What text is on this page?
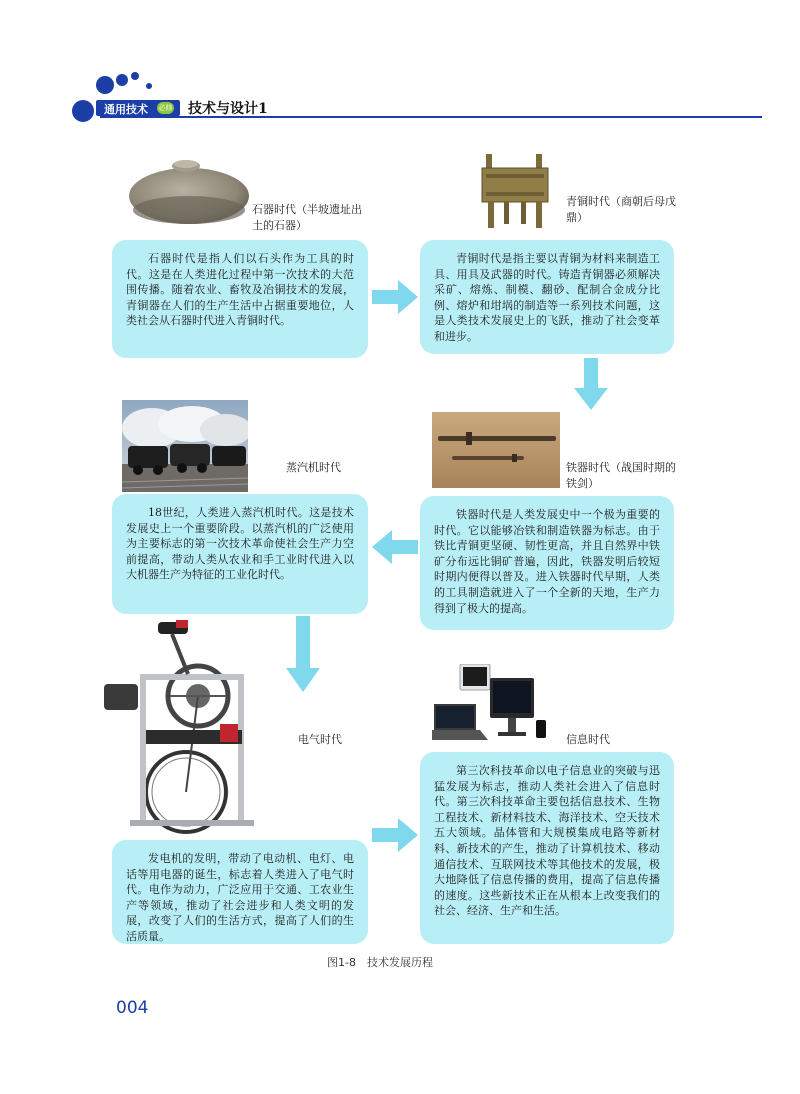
通用技术 必修 技术与设计1
石器时代（半坡遗址出土的石器）
石器时代是指人们以石头作为工具的时代。这是在人类进化过程中第一次技术的大范围传播。随着农业、畜牧及冶铜技术的发展，青铜器在人们的生产生活中占据重要地位，人类社会从石器时代进入青铜时代。
青铜时代（商朝后母戊鼎）
青铜时代是指主要以青铜为材料来制造工具、用具及武器的时代。铸造青铜器必须解决采矿、熔炼、制模、翻砂、配制合金成分比例、熔炉和坩埚的制造等一系列技术问题，这是人类技术发展史上的飞跃，推动了社会变革和进步。
蒸汽机时代
18世纪，人类进入蒸汽机时代。这是技术发展史上一个重要阶段。以蒸汽机的广泛使用为主要标志的第一次技术革命使社会生产力空前提高，带动人类从农业和手工业时代进入以大机器生产为特征的工业化时代。
铁器时代（战国时期的铁剑）
铁器时代是人类发展史中一个极为重要的时代。它以能够冶铁和制造铁器为标志。由于铁比青铜更坚硬、韧性更高，并且自然界中铁矿分布远比铜矿普遍，因此，铁器发明后较短时期内便得以普及。进入铁器时代早期，人类的工具制造就进入了一个全新的天地，生产力得到了极大的提高。
电气时代
发电机的发明，带动了电动机、电灯、电话等用电器的诞生，标志着人类进入了电气时代。电作为动力，广泛应用于交通、工农业生产等领域，推动了社会进步和人类文明的发展，改变了人们的生活方式，提高了人们的生活质量。
信息时代
第三次科技革命以电子信息业的突破与迅猛发展为标志，推动人类社会进入了信息时代。第三次科技革命主要包括信息技术、生物工程技术、新材料技术、海洋技术、空天技术五大领域。晶体管和大规模集成电路等新材料、新技术的产生，推动了计算机技术、移动通信技术、互联网技术等其他技术的发展，极大地降低了信息传播的费用，提高了信息传播的速度。这些新技术正在从根本上改变我们的社会、经济、生产和生活。
图1-8　技术发展历程
004
